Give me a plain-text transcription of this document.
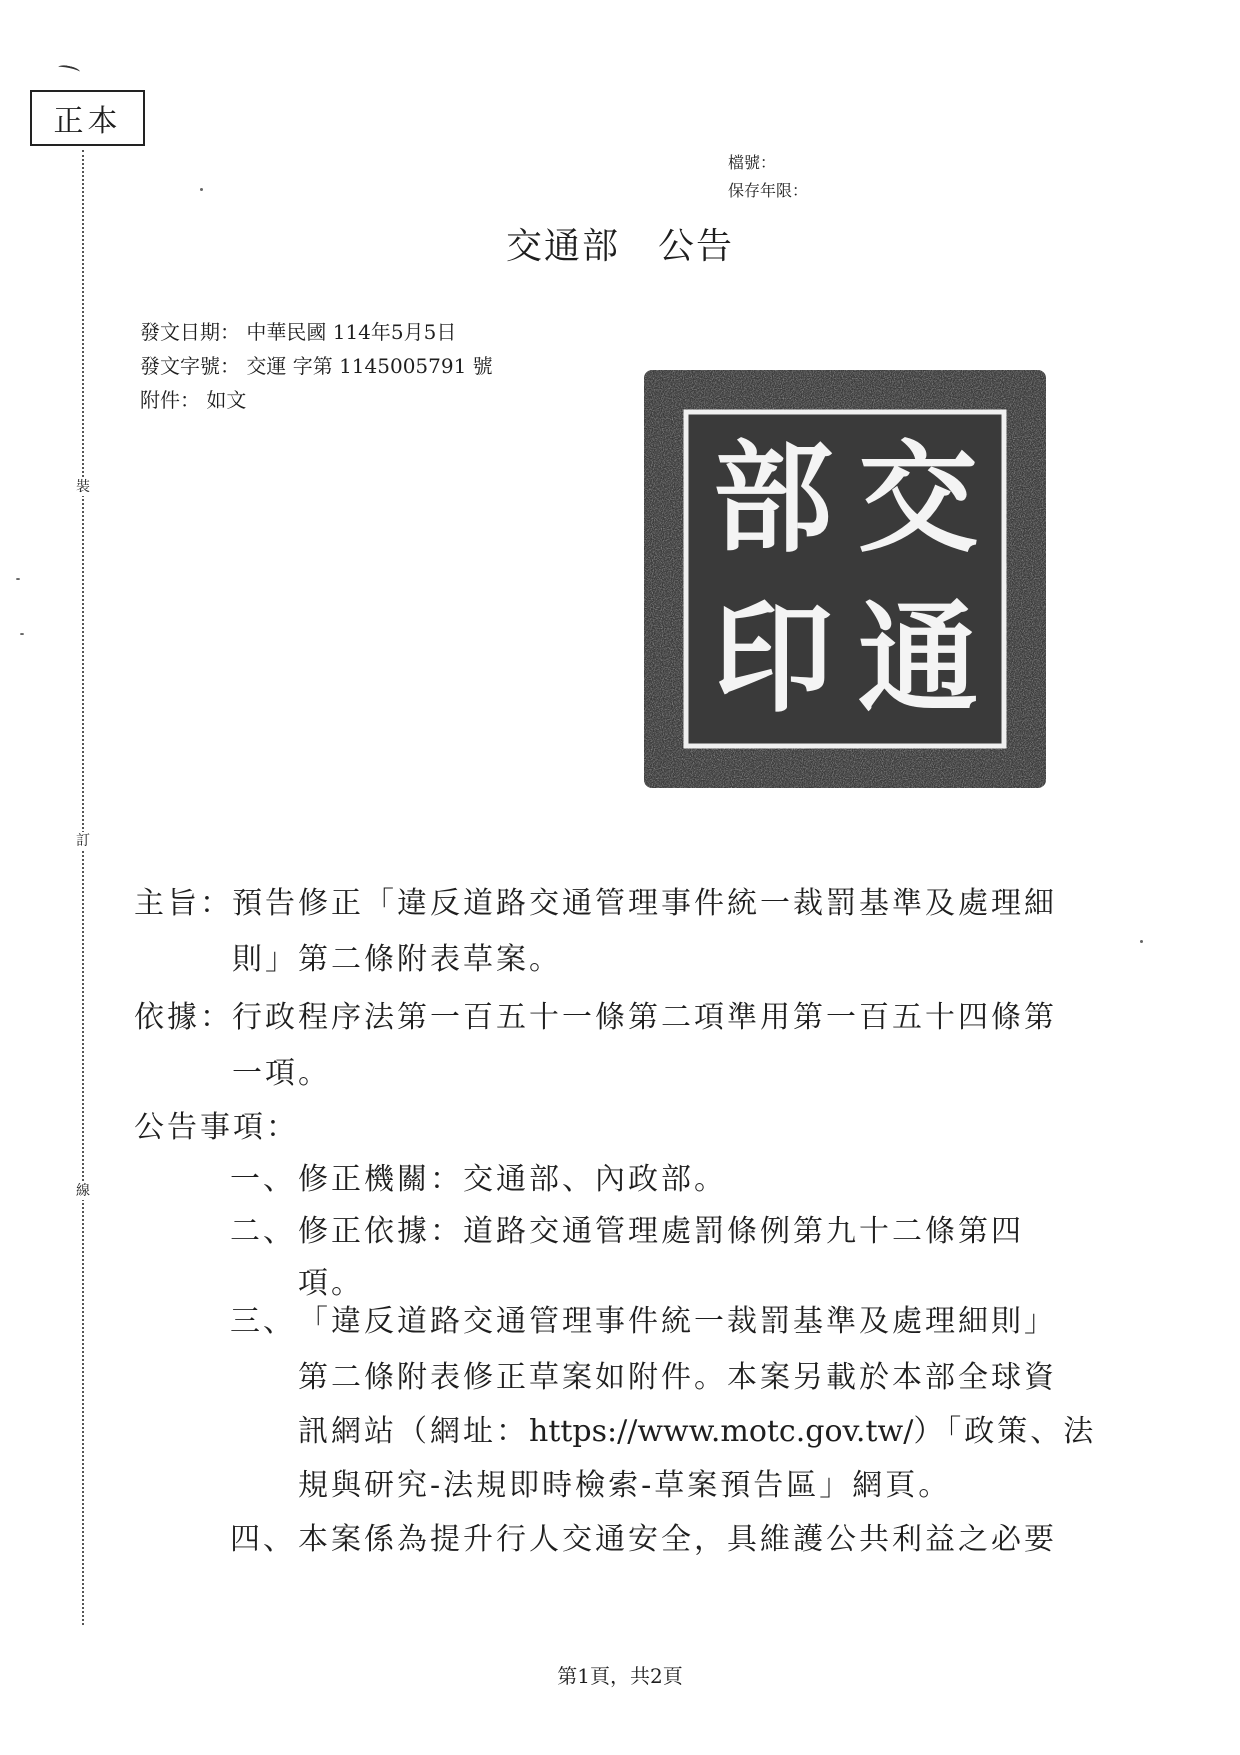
正本
裝
訂
線
檔號：
保存年限：
交通部 公告
發文日期： 中華民國 114年5月5日
發文字號： 交運 字第 1145005791 號
附件： 如文
交
通
部
印
主旨： 預告修正「違反道路交通管理事件統一裁罰基準及處理細
則」第二條附表草案。
依據： 行政程序法第一百五十一條第二項準用第一百五十四條第
一項。
公告事項：
一、 修正機關：交通部、內政部。
二、 修正依據：道路交通管理處罰條例第九十二條第四
項。
三、 「違反道路交通管理事件統一裁罰基準及處理細則」
第二條附表修正草案如附件。本案另載於本部全球資
訊網站（網址：https://www.motc.gov.tw/）「政策、法
規與研究-法規即時檢索-草案預告區」網頁。
四、 本案係為提升行人交通安全，具維護公共利益之必要
第1頁，共2頁
